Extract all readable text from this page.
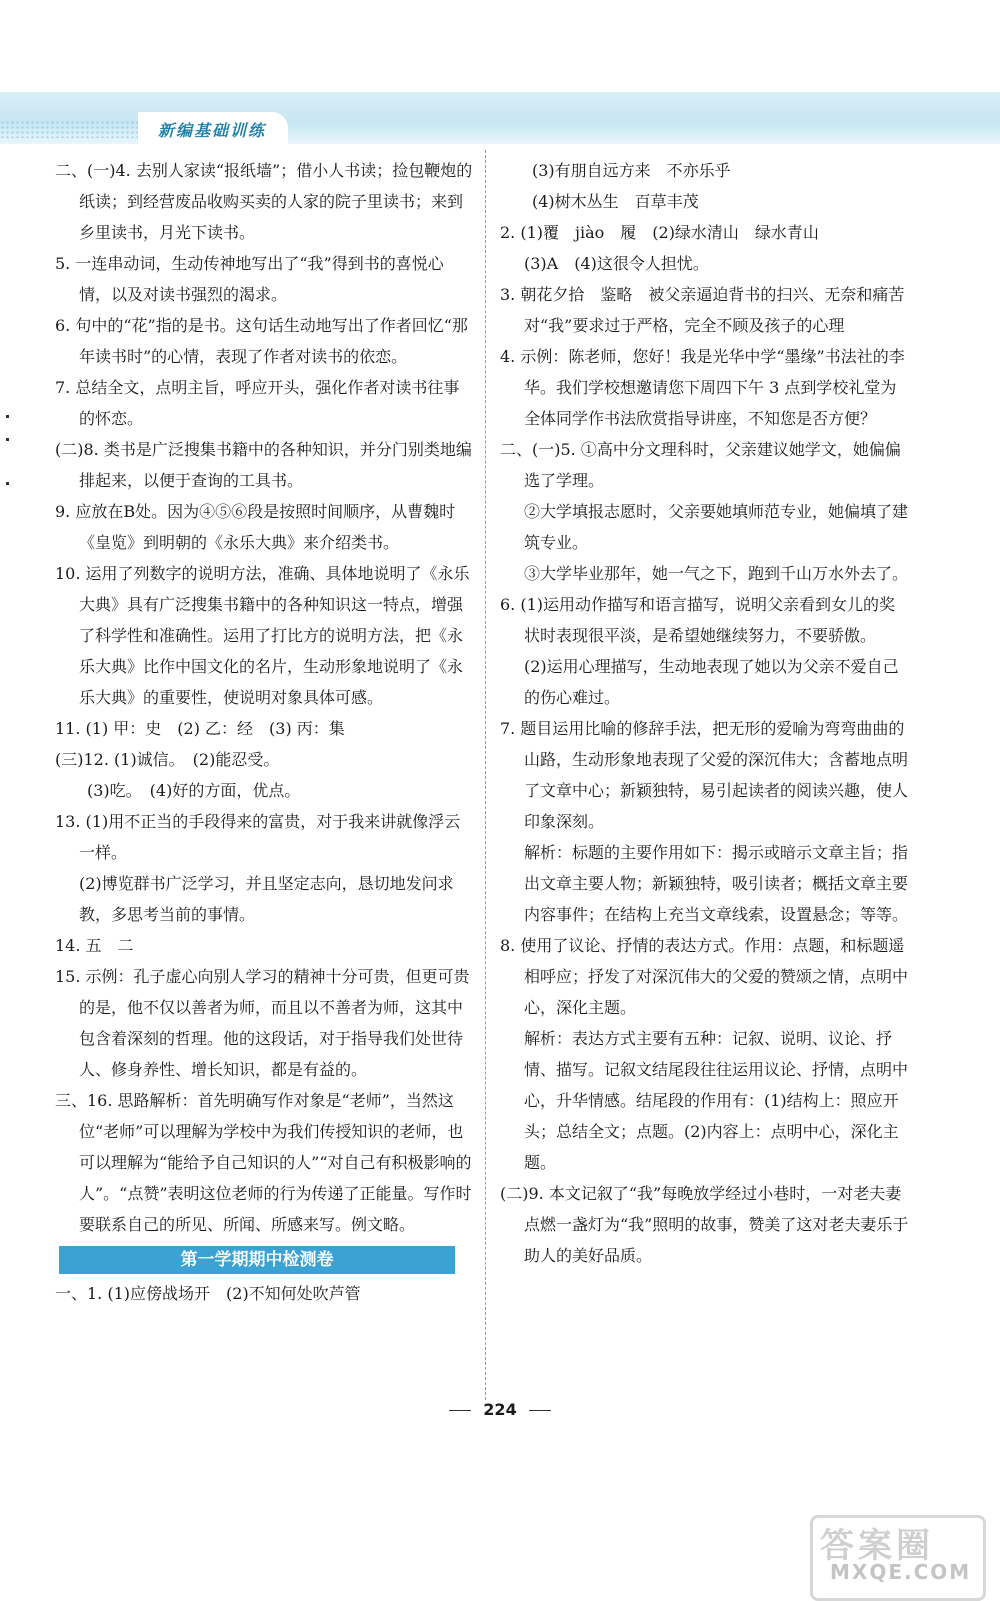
新编基础训练

二、(一)4. 去别人家读“报纸墙”；借小人书读；捡包鞭炮的纸读；到经营废品收购买卖的人家的院子里读书；来到乡里读书，月光下读书。

5. 一连串动词，生动传神地写出了“我”得到书的喜悦心情，以及对读书强烈的渴求。

6. 句中的“花”指的是书。这句话生动地写出了作者回忆“那年读书时”的心情，表现了作者对读书的依恋。

7. 总结全文，点明主旨，呼应开头，强化作者对读书往事的怀恋。

(二)8. 类书是广泛搜集书籍中的各种知识，并分门别类地编排起来，以便于查询的工具书。

9. 应放在B处。因为④⑤⑥段是按照时间顺序，从曹魏时《皇览》到明朝的《永乐大典》来介绍类书。

10. 运用了列数字的说明方法，准确、具体地说明了《永乐大典》具有广泛搜集书籍中的各种知识这一特点，增强了科学性和准确性。运用了打比方的说明方法，把《永乐大典》比作中国文化的名片，生动形象地说明了《永乐大典》的重要性，使说明对象具体可感。

11. (1) 甲：史　(2) 乙：经　(3) 丙：集

(三)12. (1)诚信。　(2)能忍受。

(3)吃。　(4)好的方面，优点。

13. (1)用不正当的手段得来的富贵，对于我来讲就像浮云一样。

(2)博览群书广泛学习，并且坚定志向，恳切地发问求教，多思考当前的事情。

14. 五　二

15. 示例：孔子虚心向别人学习的精神十分可贵，但更可贵的是，他不仅以善者为师，而且以不善者为师，这其中包含着深刻的哲理。他的这段话，对于指导我们处世待人、修身养性、增长知识，都是有益的。

三、16. 思路解析：首先明确写作对象是“老师”，当然这位“老师”可以理解为学校中为我们传授知识的老师，也可以理解为“能给予自己知识的人”“对自己有积极影响的人”。“点赞”表明这位老师的行为传递了正能量。写作时要联系自己的所见、所闻、所感来写。例文略。

第一学期期中检测卷

一、1. (1)应傍战场开　(2)不知何处吹芦管

(3)有朋自远方来　不亦乐乎

(4)树木丛生　百草丰茂

2. (1)覆　jiào　履　(2)绿水清山　绿水青山

(3)A　(4)这很令人担忧。

3. 朝花夕拾　鉴略　被父亲逼迫背书的扫兴、无奈和痛苦　对“我”要求过于严格，完全不顾及孩子的心理

4. 示例：陈老师，您好！我是光华中学“墨缘”书法社的李华。我们学校想邀请您下周四下午 3 点到学校礼堂为全体同学作书法欣赏指导讲座，不知您是否方便？

二、(一)5. ①高中分文理科时，父亲建议她学文，她偏偏选了学理。

②大学填报志愿时，父亲要她填师范专业，她偏填了建筑专业。

③大学毕业那年，她一气之下，跑到千山万水外去了。

6. (1)运用动作描写和语言描写，说明父亲看到女儿的奖状时表现很平淡，是希望她继续努力，不要骄傲。

(2)运用心理描写，生动地表现了她以为父亲不爱自己的伤心难过。

7. 题目运用比喻的修辞手法，把无形的爱喻为弯弯曲曲的山路，生动形象地表现了父爱的深沉伟大；含蓄地点明了文章中心；新颖独特，易引起读者的阅读兴趣，使人印象深刻。

解析：标题的主要作用如下：揭示或暗示文章主旨；指出文章主要人物；新颖独特，吸引读者；概括文章主要内容事件；在结构上充当文章线索，设置悬念；等等。

8. 使用了议论、抒情的表达方式。作用：点题，和标题遥相呼应；抒发了对深沉伟大的父爱的赞颂之情，点明中心，深化主题。

解析：表达方式主要有五种：记叙、说明、议论、抒情、描写。记叙文结尾段往往运用议论、抒情，点明中心，升华情感。结尾段的作用有：(1)结构上：照应开头；总结全文；点题。(2)内容上：点明中心，深化主题。

(二)9. 本文记叙了“我”每晚放学经过小巷时，一对老夫妻点燃一盏灯为“我”照明的故事，赞美了这对老夫妻乐于助人的美好品质。

224
答案圈
MXQE.COM
